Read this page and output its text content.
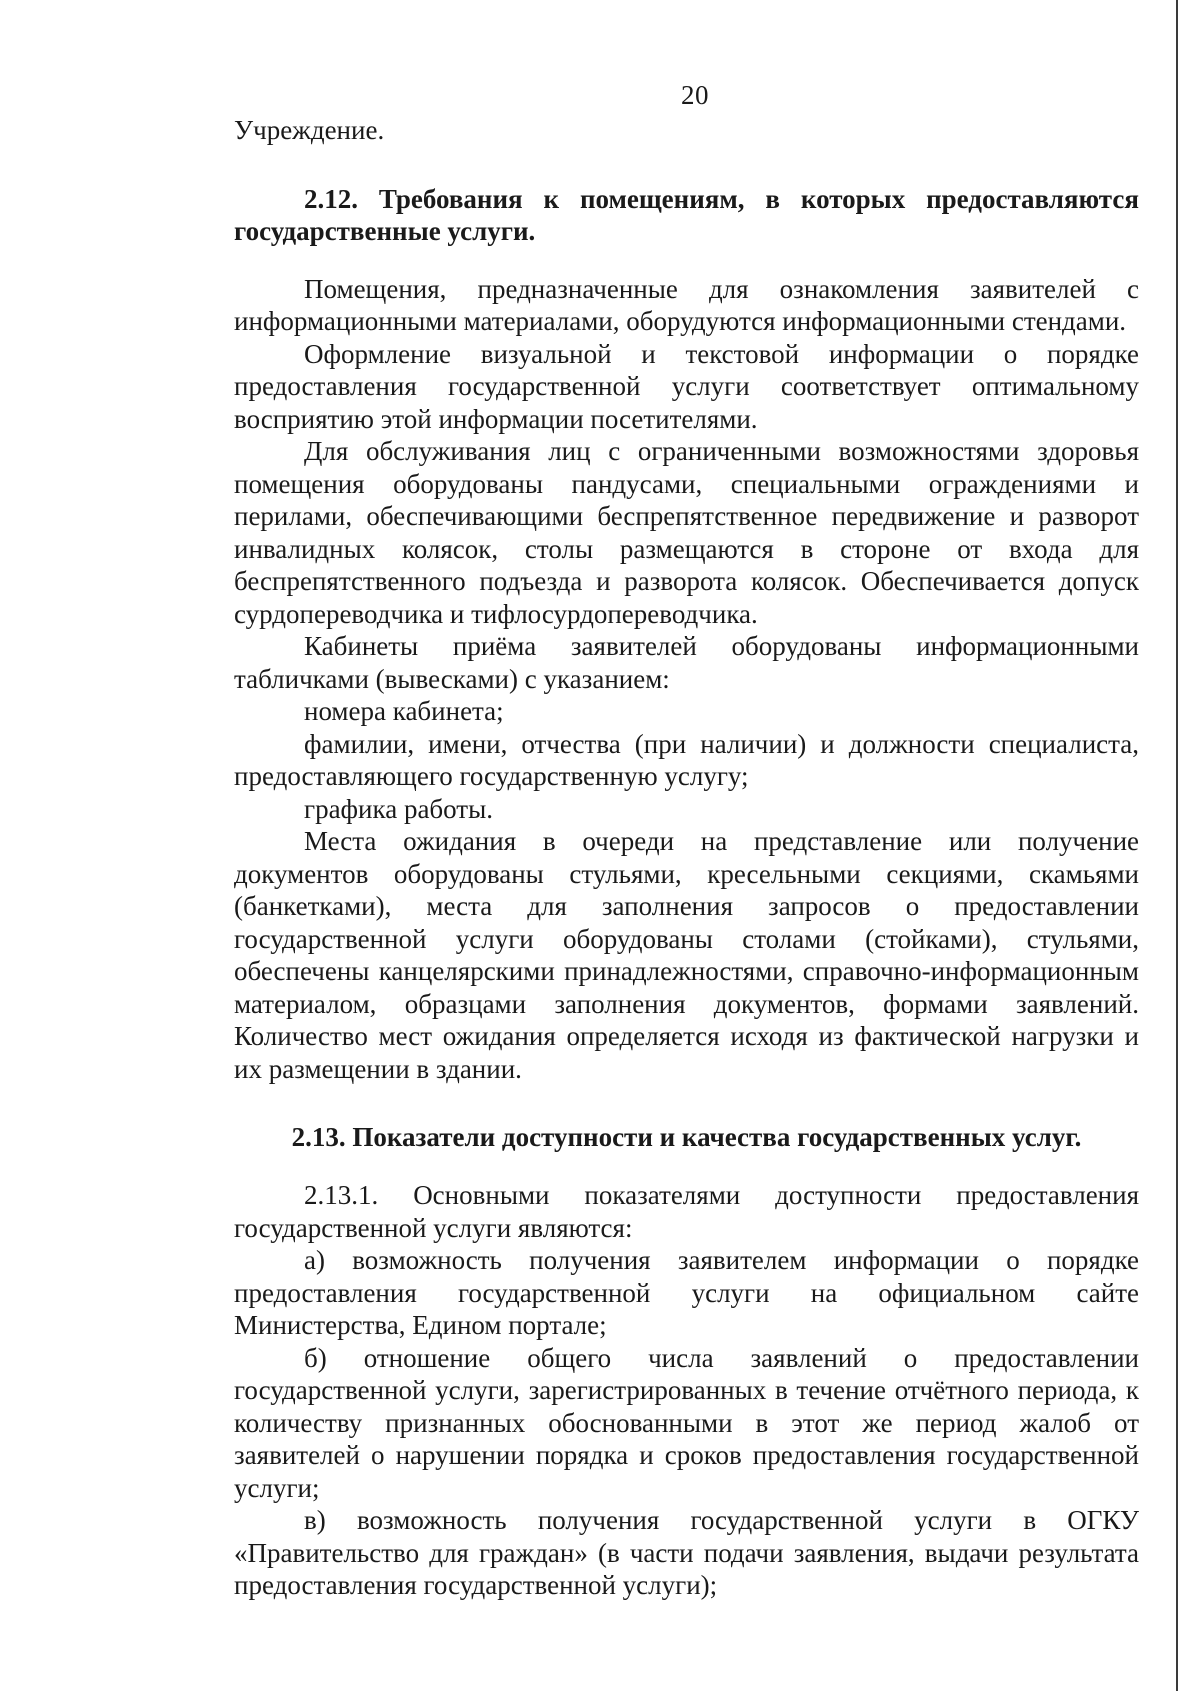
20

Учреждение.

2.12. Требования к помещениям, в которых предоставляются государственные услуги.

Помещения, предназначенные для ознакомления заявителей с информационными материалами, оборудуются информационными стендами.

Оформление визуальной и текстовой информации о порядке предоставления государственной услуги соответствует оптимальному восприятию этой информации посетителями.

Для обслуживания лиц с ограниченными возможностями здоровья помещения оборудованы пандусами, специальными ограждениями и перилами, обеспечивающими беспрепятственное передвижение и разворот инвалидных колясок, столы размещаются в стороне от входа для беспрепятственного подъезда и разворота колясок. Обеспечивается допуск сурдопереводчика и тифлосурдопереводчика.

Кабинеты приёма заявителей оборудованы информационными табличками (вывесками) с указанием:

номера кабинета;

фамилии, имени, отчества (при наличии) и должности специалиста, предоставляющего государственную услугу;

графика работы.

Места ожидания в очереди на представление или получение документов оборудованы стульями, кресельными секциями, скамьями (банкетками), места для заполнения запросов о предоставлении государственной услуги оборудованы столами (стойками), стульями, обеспечены канцелярскими принадлежностями, справочно-информационным материалом, образцами заполнения документов, формами заявлений. Количество мест ожидания определяется исходя из фактической нагрузки и их размещении в здании.

2.13. Показатели доступности и качества государственных услуг.

2.13.1. Основными показателями доступности предоставления государственной услуги являются:

а) возможность получения заявителем информации о порядке предоставления государственной услуги на официальном сайте Министерства, Едином портале;

б) отношение общего числа заявлений о предоставлении государственной услуги, зарегистрированных в течение отчётного периода, к количеству признанных обоснованными в этот же период жалоб от заявителей о нарушении порядка и сроков предоставления государственной услуги;

в) возможность получения государственной услуги в ОГКУ «Правительство для граждан» (в части подачи заявления, выдачи результата предоставления государственной услуги);
